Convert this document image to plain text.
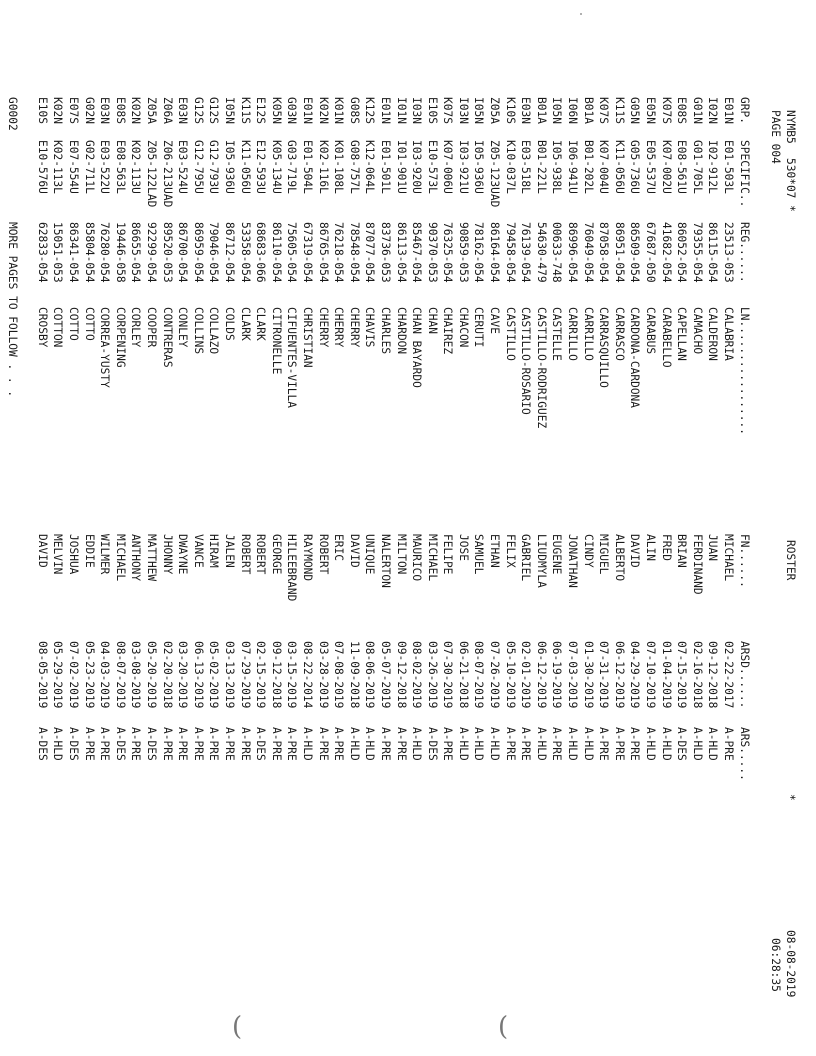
NYMB5
530*07 *
ROSTER
*
08-08-2019
PAGE 004
06:28:35
GRP.
SPECIFIC..
REG......
LN.................
FN......
ARSD......
ARS.....
E01N
I02N
G01N
E08S
K07S
E05N
G05N
K11S
K07S
B01A
I06N
I05N
B01A
E03N
K10S
Z05A
I05N
I03N
K07S
E10S
I03N
I01N
E01N
K12S
G08S
K01N
K02N
E01N
G03N
K05N
E12S
K11S
I05N
G12S
G12S
E03N
Z06A
Z05A
K02N
E08S
E03N
G02N
E07S
K02N
E10S
E01-503L
I02-912L
G01-705L
E08-561U
K07-002U
E05-537U
G05-736U
K11-056U
K07-004U
B01-202L
I06-941U
I05-938L
B01-221L
E03-518L
K10-037L
Z05-123UAD
I05-936U
I03-921U
K07-006U
E10-573L
I03-920U
I01-901U
E01-501L
K12-064L
G08-757L
K01-108L
K02-116L
E01-504L
G03-719L
K05-134U
E12-593U
K11-056U
I05-936U
G12-793U
G12-795U
E03-524U
Z06-213UAD
Z05-122LAD
K02-113U
E08-563L
E03-522U
G02-711L
E07-554U
K02-113L
E10-576U
23513-053
86115-054
79355-054
86052-054
41682-054
67687-050
86509-054
86951-054
87058-054
76049-054
86996-054
00633-748
54630-479
76139-054
79458-054
86164-054
78162-054
90859-053
76325-054
90370-053
85467-054
86113-054
83736-053
87077-054
78548-054
76218-054
86765-054
67319-054
75605-054
86110-054
68683-066
53358-054
86712-054
79046-054
86959-054
86700-054
89520-053
92299-054
86655-054
19446-058
76280-054
85804-054
86341-054
15051-053
62833-054
CALABRIA
CALDERON
CAMACHO
CAPELLAN
CARABELLO
CARABUS
CARDONA-CARDONA
CARRASCO
CARRASQUILLO
CARRILLO
CARRILLO
CASTELLE
CASTILLO-RODRIGUEZ
CASTILLO-ROSARIO
CASTILLO
CAVE
CERUTI
CHACON
CHAIREZ
CHAN
CHAN BAYARDO
CHARDON
CHARLES
CHAVIS
CHERRY
CHERRY
CHERRY
CHRISTIAN
CIFUENTES-VILLA
CITRONELLE
CLARK
CLARK
COLDS
COLLAZO
COLLINS
CONLEY
CONTRERAS
COOPER
CORLEY
CORPENING
CORREA-YUSTY
COTTO
COTTO
COTTON
CROSBY
MICHAEL
JUAN
FERDINAND
BRIAN
FRED
ALIN
DAVID
ALBERTO
MIGUEL
CINDY
JONATHAN
EUGENE
LIUDMYLA
GABRIEL
FELIX
ETHAN
SAMUEL
JOSE
FELIPE
MICHAEL
MAURICO
MILTON
NALERTON
UNIQUE
DAVID
ERIC
ROBERT
RAYMOND
HILEEBRAND
GEORGE
ROBERT
ROBERT
JALEN
HIRAM
VANCE
DWAYNE
JHONNY
MATTHEW
ANTHONY
MICHAEL
WILMER
EDDIE
JOSHUA
MELVIN
DAVID
02-22-2017
09-12-2018
02-16-2018
07-15-2019
01-04-2019
07-10-2019
04-29-2019
06-12-2019
07-31-2019
01-30-2019
07-03-2019
06-19-2019
06-12-2019
02-01-2019
05-10-2019
07-26-2019
08-07-2019
06-21-2018
07-30-2019
03-26-2019
08-02-2019
09-12-2018
05-07-2019
08-06-2019
11-09-2018
07-08-2019
03-28-2019
08-22-2014
03-15-2019
09-12-2018
02-15-2019
07-29-2019
03-13-2019
05-02-2019
06-13-2019
03-20-2019
02-20-2018
05-20-2019
03-08-2019
08-07-2019
04-03-2019
05-23-2019
07-02-2019
05-29-2019
08-05-2019
A-PRE
A-HLD
A-HLD
A-DES
A-HLD
A-HLD
A-PRE
A-PRE
A-PRE
A-HLD
A-HLD
A-PRE
A-HLD
A-PRE
A-PRE
A-HLD
A-HLD
A-HLD
A-PRE
A-DES
A-HLD
A-PRE
A-PRE
A-HLD
A-HLD
A-PRE
A-PRE
A-HLD
A-PRE
A-PRE
A-DES
A-PRE
A-PRE
A-PRE
A-PRE
A-PRE
A-PRE
A-DES
A-PRE
A-DES
A-PRE
A-PRE
A-DES
A-HLD
A-DES
G0002
MORE PAGES TO FOLLOW . . .
(	(
